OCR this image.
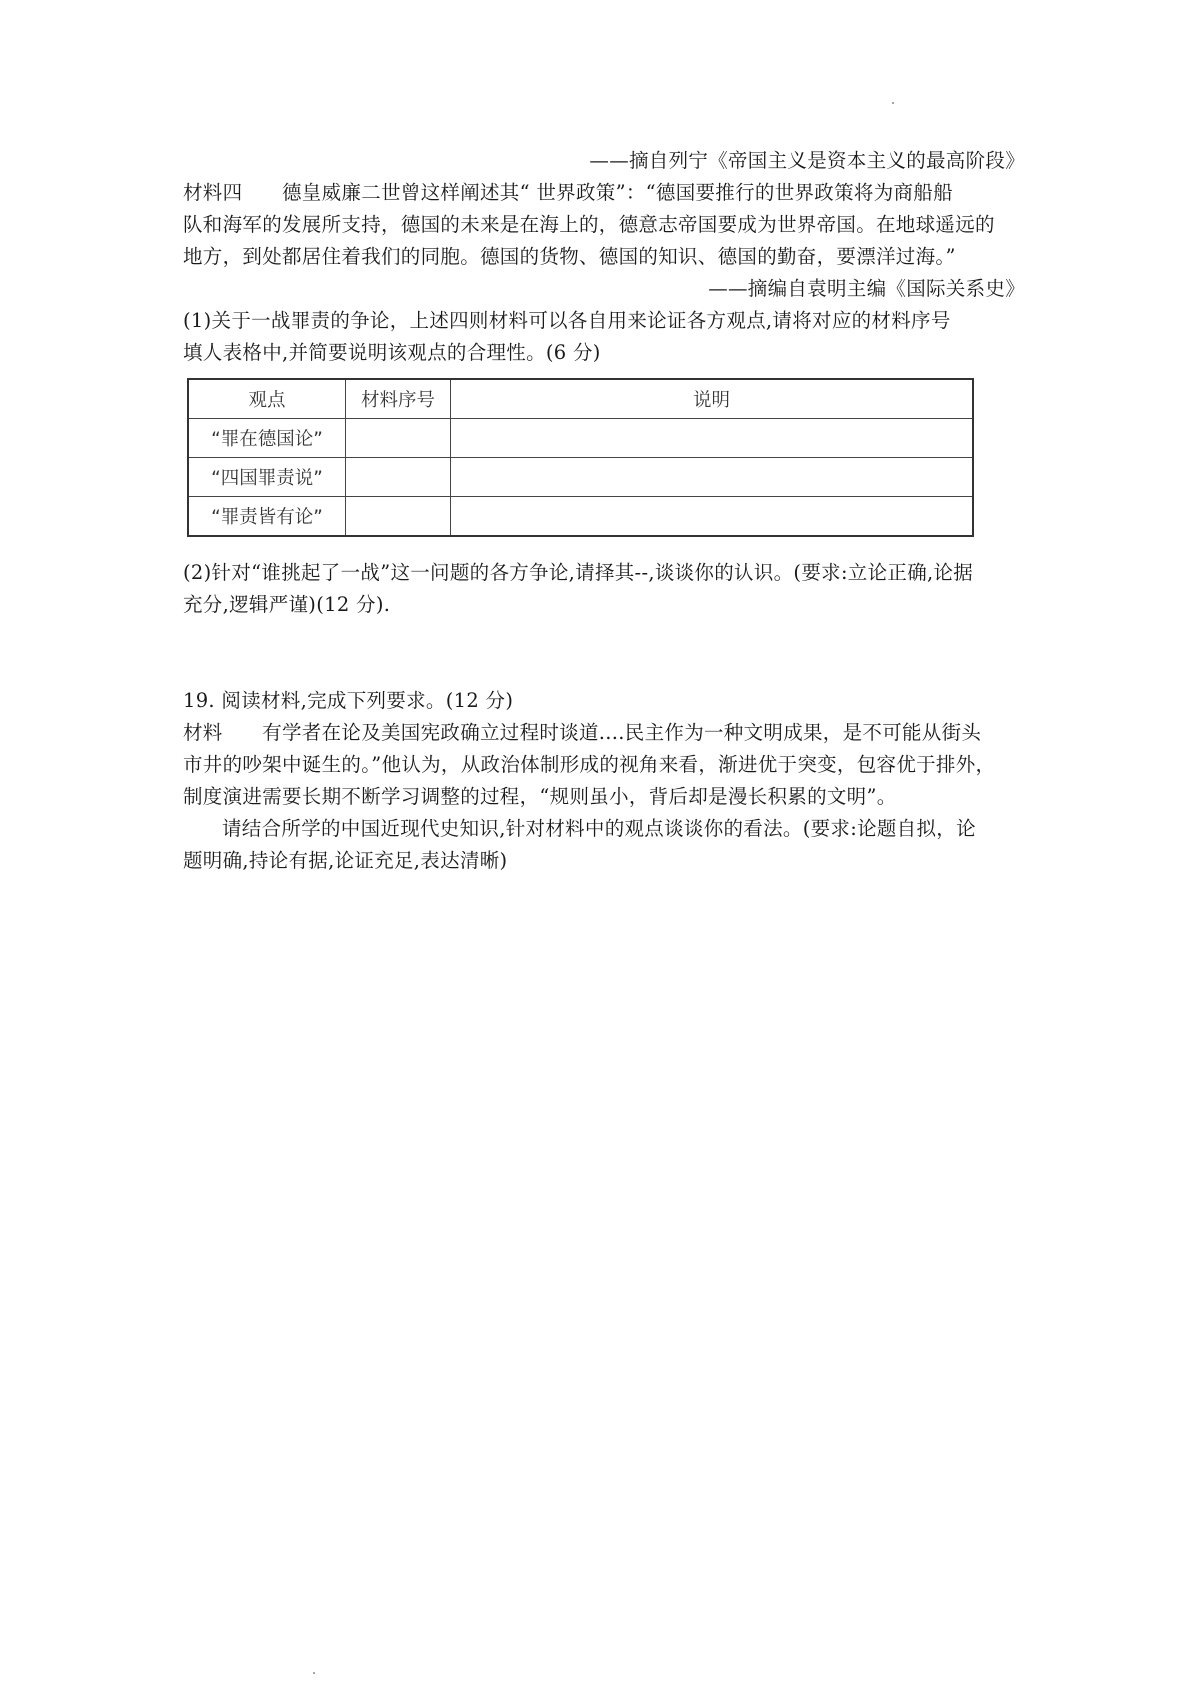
——摘自列宁《帝国主义是资本主义的最高阶段》
材料四　　德皇威廉二世曾这样阐述其“ 世界政策”：“德国要推行的世界政策将为商船船
队和海军的发展所支持，德国的未来是在海上的，德意志帝国要成为世界帝国。在地球遥远的
地方，到处都居住着我们的同胞。德国的货物、德国的知识、德国的勤奋，要漂洋过海。”
——摘编自袁明主编《国际关系史》
(1)关于一战罪责的争论，上述四则材料可以各自用来论证各方观点,请将对应的材料序号
填人表格中,并简要说明该观点的合理性。(6 分)
观点	材料序号	说明
“罪在德国论”		
“四国罪责说”		
“罪责皆有论”		
(2)针对“谁挑起了一战”这一问题的各方争论,请择其--,谈谈你的认识。(要求:立论正确,论据
充分,逻辑严谨)(12 分).
19. 阅读材料,完成下列要求。(12 分)
材料　　有学者在论及美国宪政确立过程时谈道....民主作为一种文明成果，是不可能从街头
市井的吵架中诞生的。”他认为，从政治体制形成的视角来看，渐进优于突变，包容优于排外，
制度演进需要长期不断学习调整的过程，“规则虽小，背后却是漫长积累的文明”。
请结合所学的中国近现代史知识,针对材料中的观点谈谈你的看法。(要求:论题自拟，论
题明确,持论有据,论证充足,表达清晰)
